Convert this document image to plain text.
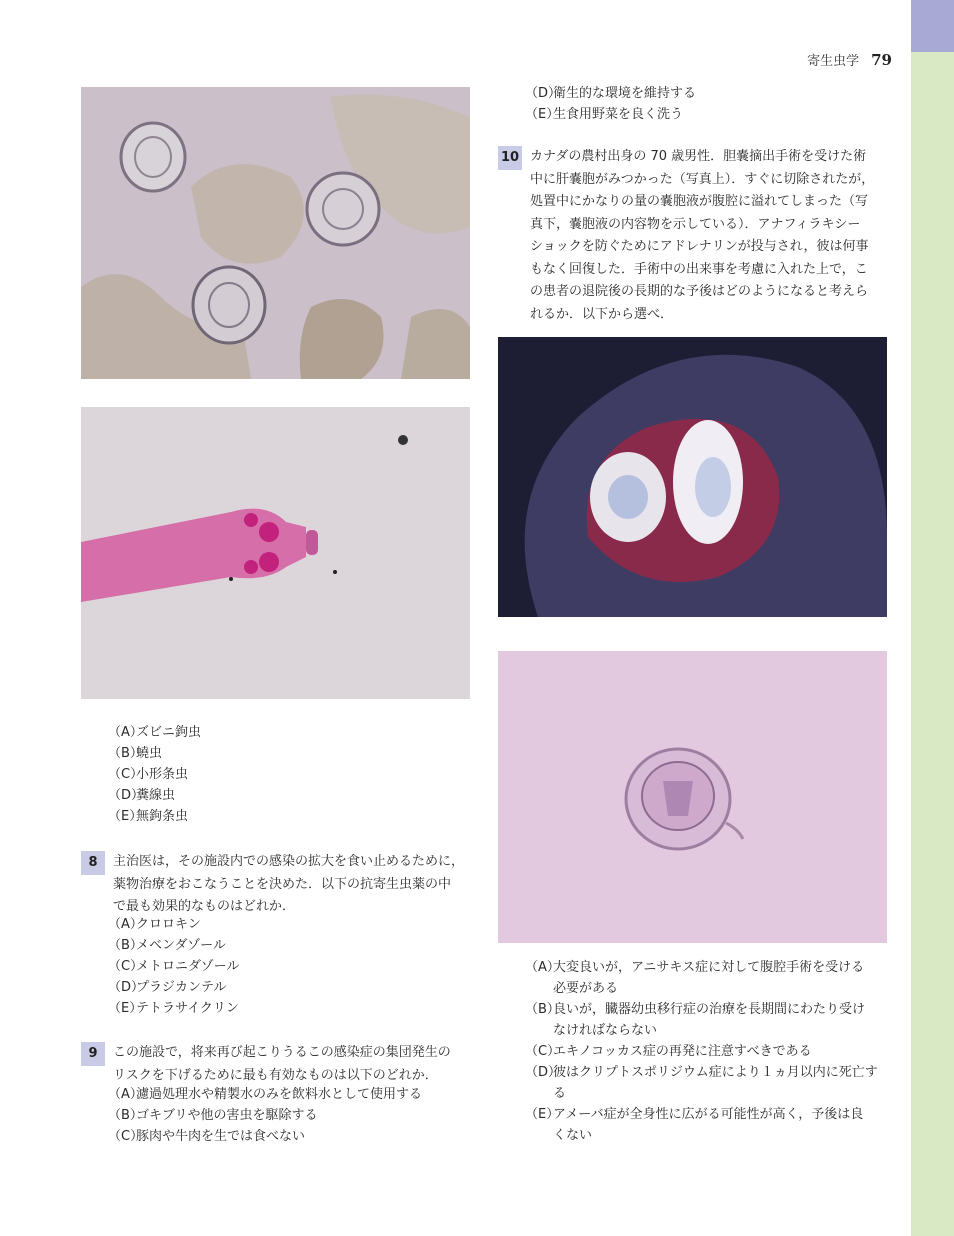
寄生虫学 79
（A）ズビニ鉤虫
（B）蟯虫
（C）小形条虫
（D）糞線虫
（E）無鉤条虫
8	主治医は，その施設内での感染の拡大を食い止めるために，
薬物治療をおこなうことを決めた．以下の抗寄生虫薬の中
で最も効果的なものはどれか．
（A）クロロキン
（B）メベンダゾール
（C）メトロニダゾール
（D）プラジカンテル
（E）テトラサイクリン
9	この施設で，将来再び起こりうるこの感染症の集団発生の
リスクを下げるために最も有効なものは以下のどれか．
（A）濾過処理水や精製水のみを飲料水として使用する
（B）ゴキブリや他の害虫を駆除する
（C）豚肉や牛肉を生では食べない
（D）衛生的な環境を維持する
（E）生食用野菜を良く洗う
10 カナダの農村出身の 70 歳男性．胆嚢摘出手術を受けた術
中に肝嚢胞がみつかった（写真上）．すぐに切除されたが，
処置中にかなりの量の嚢胞液が腹腔に溢れてしまった（写
真下，嚢胞液の内容物を示している）．アナフィラキシー
ショックを防ぐためにアドレナリンが投与され，彼は何事
もなく回復した．手術中の出来事を考慮に入れた上で，こ
の患者の退院後の長期的な予後はどのようになると考えら
れるか．以下から選べ．
（A）
大変良いが，アニサキス症に対して腹腔手術を受ける
必要がある
（B）
良いが，臓器幼虫移行症の治療を長期間にわたり受け
なければならない
（C）
エキノコッカス症の再発に注意すべきである
（D）
彼はクリプトスポリジウム症により１ヵ月以内に死亡す
る
（E）
アメーバ症が全身性に広がる可能性が高く，予後は良
くない
